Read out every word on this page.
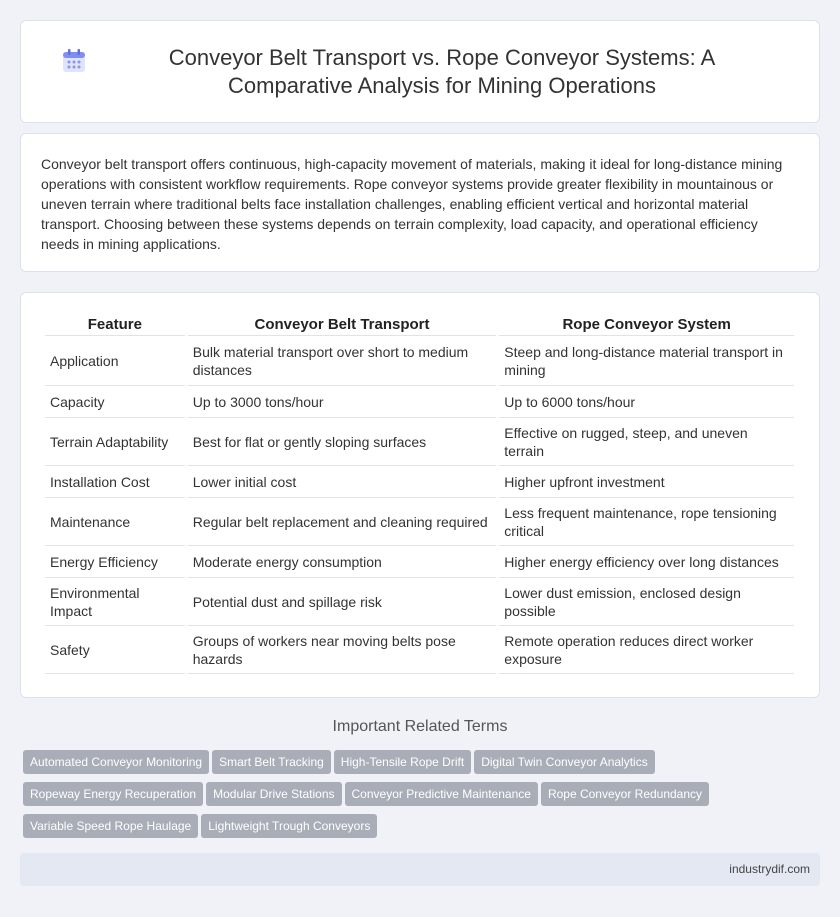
Conveyor Belt Transport vs. Rope Conveyor Systems: A Comparative Analysis for Mining Operations

Conveyor belt transport offers continuous, high-capacity movement of materials, making it ideal for long-distance mining operations with consistent workflow requirements. Rope conveyor systems provide greater flexibility in mountainous or uneven terrain where traditional belts face installation challenges, enabling efficient vertical and horizontal material transport. Choosing between these systems depends on terrain complexity, load capacity, and operational efficiency needs in mining applications.

Feature	Conveyor Belt Transport	Rope Conveyor System
Application	Bulk material transport over short to medium distances	Steep and long-distance material transport in mining
Capacity	Up to 3000 tons/hour	Up to 6000 tons/hour
Terrain Adaptability	Best for flat or gently sloping surfaces	Effective on rugged, steep, and uneven terrain
Installation Cost	Lower initial cost	Higher upfront investment
Maintenance	Regular belt replacement and cleaning required	Less frequent maintenance, rope tensioning critical
Energy Efficiency	Moderate energy consumption	Higher energy efficiency over long distances
Environmental Impact	Potential dust and spillage risk	Lower dust emission, enclosed design possible
Safety	Groups of workers near moving belts pose hazards	Remote operation reduces direct worker exposure
Important Related Terms
Automated Conveyor Monitoring Smart Belt Tracking High-Tensile Rope Drift Digital Twin Conveyor Analytics
Ropeway Energy Recuperation Modular Drive Stations Conveyor Predictive Maintenance Rope Conveyor Redundancy
Variable Speed Rope Haulage Lightweight Trough Conveyors
industrydif.com
